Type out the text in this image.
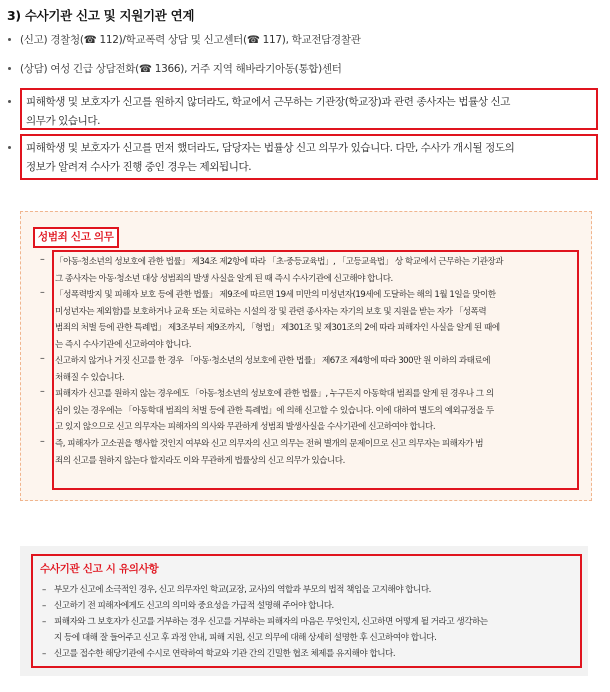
3) 수사기관 신고 및 지원기관 연계
(신고) 경찰청(☎ 112)/학교폭력 상담 및 신고센터(☎ 117), 학교전담경찰관
(상담) 여성 긴급 상담전화(☎ 1366), 거주 지역 해바라기아동(통합)센터
피해학생 및 보호자가 신고를 원하지 않더라도, 학교에서 근무하는 기관장(학교장)과 관련 종사자는 법률상 신고
의무가 있습니다.
피해학생 및 보호자가 신고를 먼저 했더라도, 담당자는 법률상 신고 의무가 있습니다. 다만, 수사가 개시될 정도의
정보가 알려져 수사가 진행 중인 경우는 제외됩니다.
성범죄 신고 의무
–
–
–
–
–
「아동·청소년의 성보호에 관한 법률」 제34조 제2항에 따라 「초·중등교육법」, 「고등교육법」 상 학교에서 근무하는 기관장과
그 종사자는 아동·청소년 대상 성범죄의 발생 사실을 알게 된 때 즉시 수사기관에 신고해야 합니다.
「성폭력방지 및 피해자 보호 등에 관한 법률」 제9조에 따르면 19세 미만의 미성년자(19세에 도달하는 해의 1월 1일을 맞이한
미성년자는 제외함)를 보호하거나 교육 또는 치료하는 시설의 장 및 관련 종사자는 자기의 보호 및 지원을 받는 자가 「성폭력
범죄의 처벌 등에 관한 특례법」 제3조부터 제9조까지, 「형법」 제301조 및 제301조의 2에 따라 피해자인 사실을 알게 된 때에
는 즉시 수사기관에 신고하여야 합니다.
신고하지 않거나 거짓 신고를 한 경우 「아동·청소년의 성보호에 관한 법률」 제67조 제4항에 따라 300만 원 이하의 과태료에
처해질 수 있습니다.
피해자가 신고를 원하지 않는 경우에도 「아동·청소년의 성보호에 관한 법률」, 누구든지 아동학대 범죄를 알게 된 경우나 그 의
심이 있는 경우에는 「아동학대 범죄의 처벌 등에 관한 특례법」에 의해 신고할 수 있습니다. 이에 대하여 별도의 예외규정을 두
고 있지 않으므로 신고 의무자는 피해자의 의사와 무관하게 성범죄 발생사실을 수사기관에 신고하여야 합니다.
즉, 피해자가 고소권을 행사할 것인지 여부와 신고 의무자의 신고 의무는 전혀 별개의 문제이므로 신고 의무자는 피해자가 범
죄의 신고를 원하지 않는다 할지라도 이와 무관하게 법률상의 신고 의무가 있습니다.
수사기관 신고 시 유의사항
– 부모가 신고에 소극적인 경우, 신고 의무자인 학교(교장, 교사)의 역할과 부모의 법적 책임을 고지해야 합니다.
– 신고하기 전 피해자에게도 신고의 의미와 중요성을 가급적 설명해 주어야 합니다.
– 피해자와 그 보호자가 신고를 거부하는 경우 신고를 거부하는 피해자의 마음은 무엇인지, 신고하면 어떻게 될 거라고 생각하는
지 등에 대해 잘 들어주고 신고 후 과정 안내, 피해 지원, 신고 의무에 대해 상세히 설명한 후 신고하여야 합니다.
– 신고를 접수한 해당기관에 수시로 연락하여 학교와 기관 간의 긴밀한 협조 체제를 유지해야 합니다.
